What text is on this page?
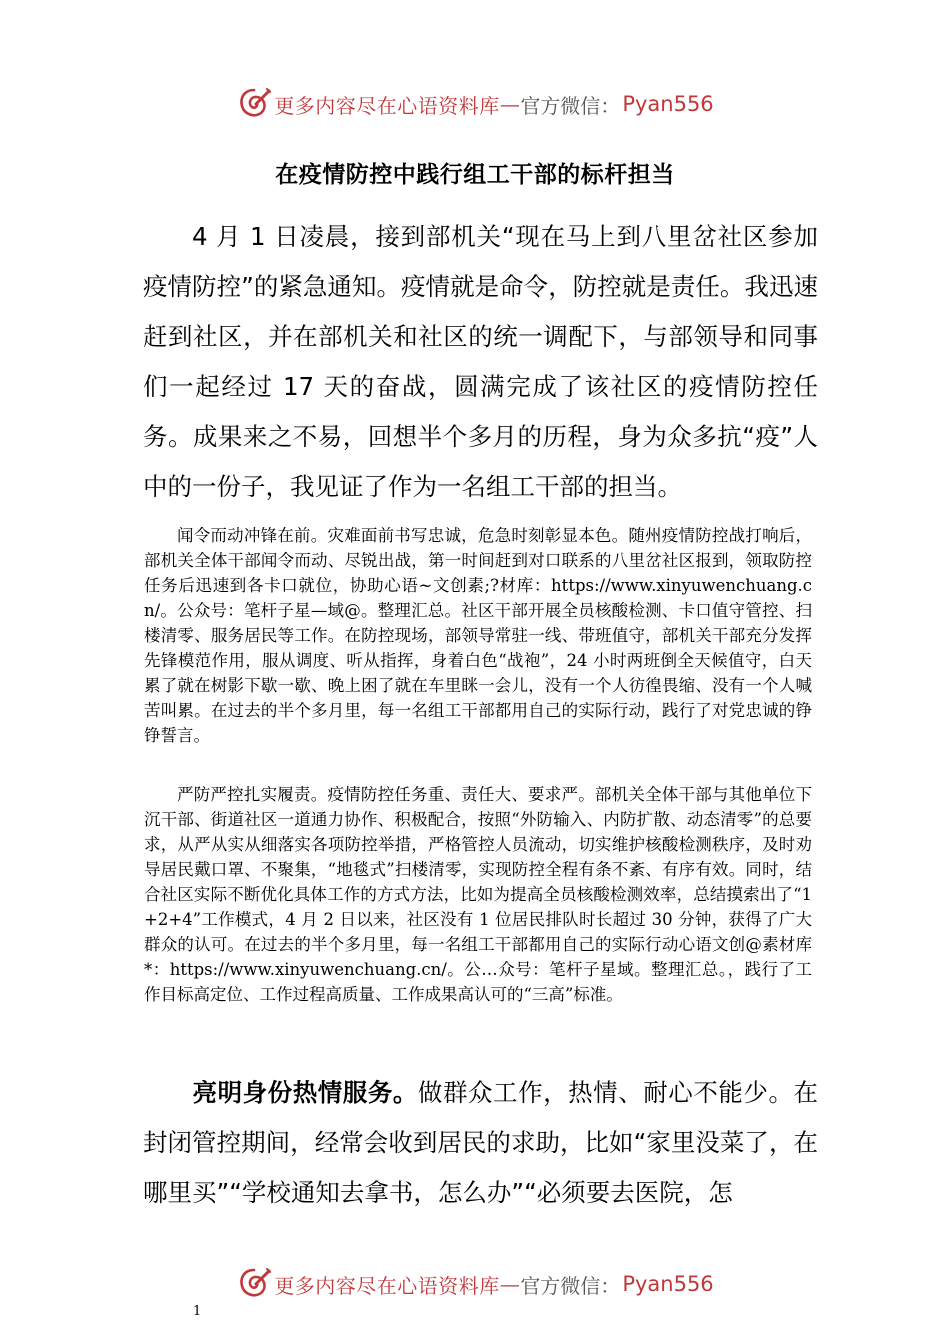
更多内容尽在心语资料库 — 官方微信： Pyan556
在疫情防控中践行组工干部的标杆担当

4 月 1 日凌晨，接到部机关“现在马上到八里岔社区参加疫情防控”的紧急通知。疫情就是命令，防控就是责任。我迅速赶到社区，并在部机关和社区的统一调配下，与部领导和同事们一起经过 17 天的奋战，圆满完成了该社区的疫情防控任务。成果来之不易，回想半个多月的历程，身为众多抗“疫”人中的一份子，我见证了作为一名组工干部的担当。

闻令而动冲锋在前。灾难面前书写忠诚，危急时刻彰显本色。随州疫情防控战打响后，部机关全体干部闻令而动、尽锐出战，第一时间赶到对口联系的八里岔社区报到，领取防控任务后迅速到各卡口就位，协助心语~文创素;?材库：https://www.xinyuwenchuang.cn/。公众号：笔杆子星—域@。整理汇总。社区干部开展全员核酸检测、卡口值守管控、扫楼清零、服务居民等工作。在防控现场，部领导常驻一线、带班值守，部机关干部充分发挥先锋模范作用，服从调度、听从指挥，身着白色“战袍”，24 小时两班倒全天候值守，白天累了就在树影下歇一歇、晚上困了就在车里眯一会儿，没有一个人彷徨畏缩、没有一个人喊苦叫累。在过去的半个多月里，每一名组工干部都用自己的实际行动，践行了对党忠诚的铮铮誓言。

严防严控扎实履责。疫情防控任务重、责任大、要求严。部机关全体干部与其他单位下沉干部、街道社区一道通力协作、积极配合，按照“外防输入、内防扩散、动态清零”的总要求，从严从实从细落实各项防控举措，严格管控人员流动，切实维护核酸检测秩序，及时劝导居民戴口罩、不聚集，“地毯式”扫楼清零，实现防控全程有条不紊、有序有效。同时，结合社区实际不断优化具体工作的方式方法，比如为提高全员核酸检测效率，总结摸索出了“1+2+4”工作模式，4 月 2 日以来，社区没有 1 位居民排队时长超过 30 分钟，获得了广大群众的认可。在过去的半个多月里，每一名组工干部都用自己的实际行动心语文创@素材库*：https://www.xinyuwenchuang.cn/。公…众号：笔杆子星域。整理汇总。，践行了工作目标高定位、工作过程高质量、工作成果高认可的“三高”标准。

亮明身份热情服务。做群众工作，热情、耐心不能少。在封闭管控期间，经常会收到居民的求助，比如“家里没菜了，在哪里买”“学校通知去拿书，怎么办”“必须要去医院，怎

更多内容尽在心语资料库 — 官方微信： Pyan556
1
